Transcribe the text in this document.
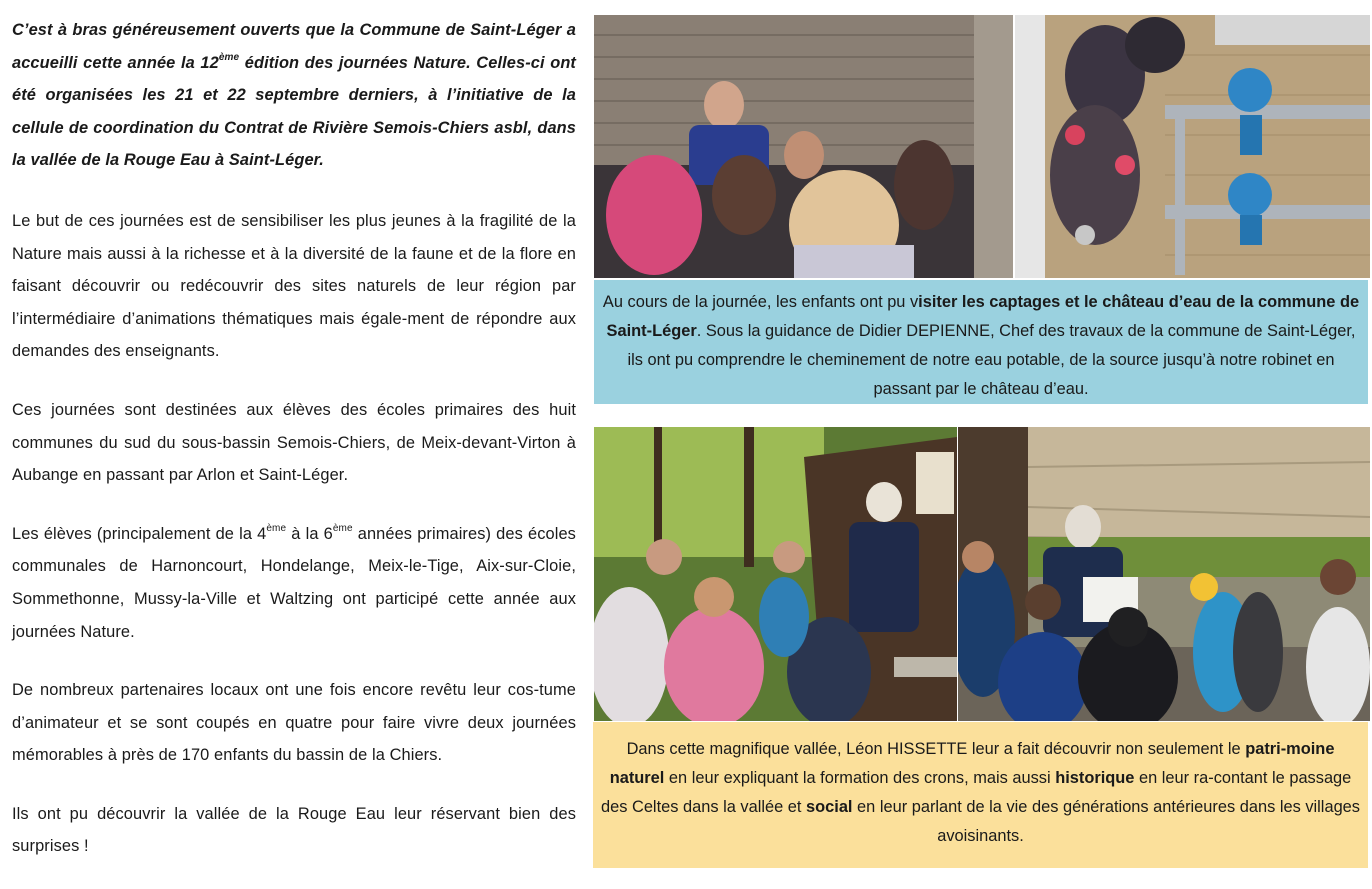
C’est à bras généreusement ouverts que la Commune de Saint-Léger a accueilli cette année la 12ème édition des journées Nature. Celles-ci ont été organisées les 21 et 22 septembre derniers, à l’initiative de la cellule de coordination du Contrat de Rivière Semois-Chiers asbl, dans la vallée de la Rouge Eau à Saint-Léger.

Le but de ces journées est de sensibiliser les plus jeunes à la fragilité de la Nature mais aussi à la richesse et à la diversité de la faune et de la flore en faisant découvrir ou redécouvrir des sites naturels de leur région par l’intermédiaire d’animations thématiques mais égale-ment de répondre aux demandes des enseignants.

Ces journées sont destinées aux élèves des écoles primaires des huit communes du sud du sous-bassin Semois-Chiers, de Meix-devant-Virton à Aubange en passant par Arlon et Saint-Léger.

Les élèves (principalement de la 4ème à la 6ème années primaires) des écoles communales de Harnoncourt, Hondelange, Meix-le-Tige, Aix-sur-Cloie, Sommethonne, Mussy-la-Ville et Waltzing ont participé cette année aux journées Nature.

De nombreux partenaires locaux ont une fois encore revêtu leur cos-tume d’animateur et se sont coupés en quatre pour faire vivre deux journées mémorables à près de 170 enfants du bassin de la Chiers.

Ils ont pu découvrir la vallée de la Rouge Eau leur réservant bien des surprises !

Au cours de la journée, les enfants ont pu visiter les captages et le château d’eau de la commune de Saint-Léger. Sous la guidance de Didier DEPIENNE, Chef des travaux de la commune de Saint-Léger, ils ont pu comprendre le cheminement de notre eau potable, de la source jusqu’à notre robinet en passant par le château d’eau.
Dans cette magnifique vallée, Léon HISSETTE leur a fait découvrir non seulement le patri-moine naturel en leur expliquant la formation des crons, mais aussi historique en leur ra-contant le passage des Celtes dans la vallée et social en leur parlant de la vie des générations antérieures dans les villages avoisinants.
